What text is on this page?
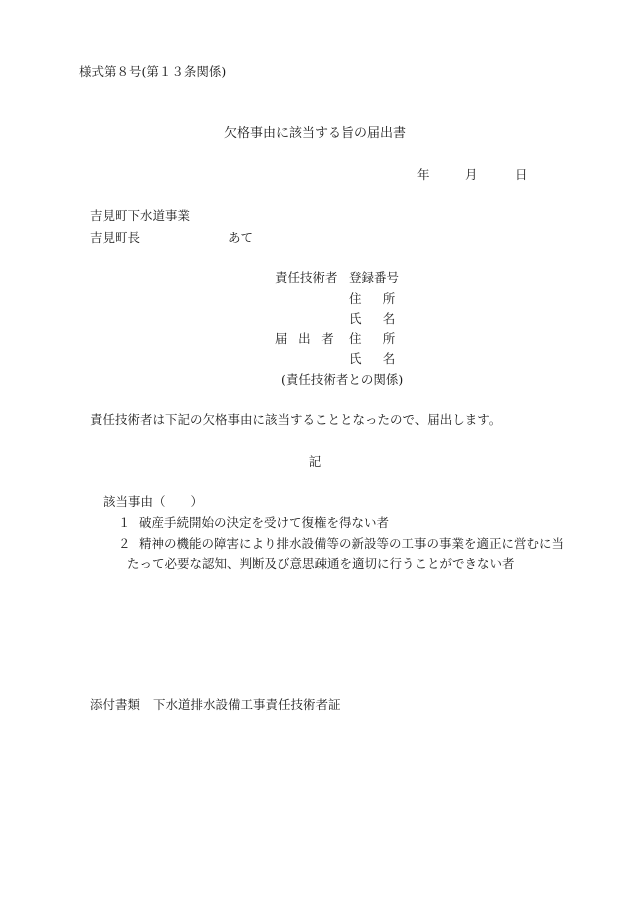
様式第８号(第１３条関係)
欠格事由に該当する旨の届出書
年	月	日
吉見町下水道事業
吉見町長	あて
責任技術者 登録番号
住所
氏名
届出者 住所
氏名
(責任技術者との関係)
責任技術者は下記の欠格事由に該当することとなったので、届出します。
記
該当事由（　　）
１ 破産手続開始の決定を受けて復権を得ない者
２ 精神の機能の障害により排水設備等の新設等の工事の事業を適正に営むに当
たって必要な認知、判断及び意思疎通を適切に行うことができない者
添付書類 下水道排水設備工事責任技術者証
